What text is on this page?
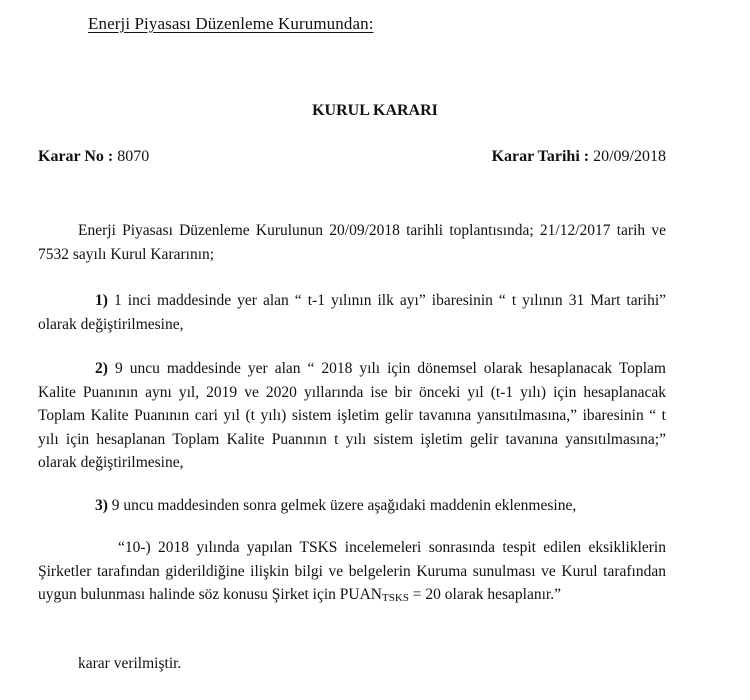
Enerji Piyasası Düzenleme Kurumundan:
KURUL KARARI
Karar No : 8070	Karar Tarihi : 20/09/2018
Enerji Piyasası Düzenleme Kurulunun 20/09/2018 tarihli toplantısında; 21/12/2017 tarih ve 7532 sayılı Kurul Kararının;
1) 1 inci maddesinde yer alan “ t-1 yılının ilk ayı” ibaresinin “ t yılının 31 Mart tarihi” olarak değiştirilmesine,
2) 9 uncu maddesinde yer alan “ 2018 yılı için dönemsel olarak hesaplanacak Toplam Kalite Puanının aynı yıl, 2019 ve 2020 yıllarında ise bir önceki yıl (t-1 yılı) için hesaplanacak Toplam Kalite Puanının cari yıl (t yılı) sistem işletim gelir tavanına yansıtılmasına,” ibaresinin “ t yılı için hesaplanan Toplam Kalite Puanının t yılı sistem işletim gelir tavanına yansıtılmasına;” olarak değiştirilmesine,
3) 9 uncu maddesinden sonra gelmek üzere aşağıdaki maddenin eklenmesine,
“10-) 2018 yılında yapılan TSKS incelemeleri sonrasında tespit edilen eksikliklerin Şirketler tarafından giderildiğine ilişkin bilgi ve belgelerin Kuruma sunulması ve Kurul tarafından uygun bulunması halinde söz konusu Şirket için $PUAN_{TSKS} = 20$ olarak hesaplanır.”
karar verilmiştir.
